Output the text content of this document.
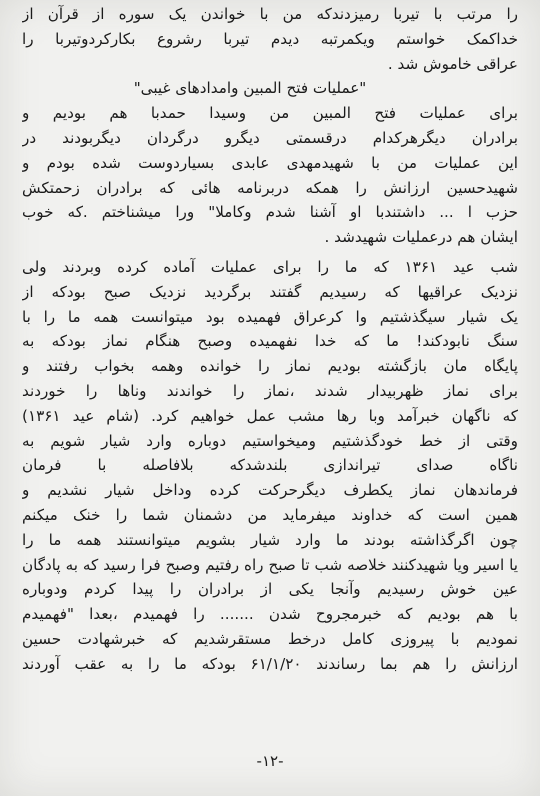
را مرتب با تیربا رمیزدندکه من با خواندن یک سوره از قرآن از
خداکمک خواستم ویکمرتبه دیدم تیربا رشروع بکارکردوتیربا را
عراقی خاموش شد .
"عملیات فتح المبین وامدادهای غیبی"
برای عملیات فتح المبین من وسیدا حمدبا هم بودیم و
برادران دیگرهرکدام درقسمتی دیگرو درگردان دیگربودند در
این عملیات من با شهیدمهدی عابدی بسیاردوست شده بودم و
شهیدحسین ارزانش را همکه دربرنامه هائی که برادران زحمتکش
حزب ا ... داشتندبا او آشنا شدم وکاملا" ورا میشناختم .که خوب
ایشان هم درعملیات شهیدشد .
شب عید ۱۳۶۱ که ما را برای عملیات آماده کرده وبردند ولی
نزدیک عراقیها که رسیدیم گفتند برگردید نزدیک صبح بودکه از
یک شیار سیگذشتیم وا کرعراق فهمیده بود میتوانست همه ما را با
سنگ نابودکند! ما که خدا نفهمیده وصبح هنگام نماز بودکه به
پایگاه مان بازگشته بودیم نماز را خوانده وهمه بخواب رفتند و
برای نماز ظهربیدار شدند ،نماز را خواندند وناها را خوردند
که ناگهان خبرآمد وبا رها مشب عمل خواهیم کرد. (شام عید ۱۳۶۱)
وقتی از خط خودگذشتیم ومیخواستیم دوباره وارد شیار شویم به
ناگاه صدای تیراندازی بلندشدکه بلافاصله با فرمان
فرماندهان نماز یکطرف دیگرحرکت کرده وداخل شیار نشدیم و
همین است که خداوند میفرماید من دشمنان شما را خنک میکنم
چون اگرگذاشته بودند ما وارد شیار بشویم میتوانستند همه ما را
یا اسیر ویا شهیدکنند خلاصه شب تا صبح راه رفتیم وصبح فرا رسید که به پادگان
عین خوش رسیدیم وآنجا یکی از برادران را پیدا کردم ودوباره
با هم بودیم که خبرمجروح شدن ....... را فهمیدم ،بعدا "فهمیدم
نمودیم با پیروزی کامل درخط مستقرشدیم که خبرشهادت حسین
ارزانش را هم بما رساندند ۶۱/۱/۲۰ بودکه ما را به عقب آوردند
-۱۲-
